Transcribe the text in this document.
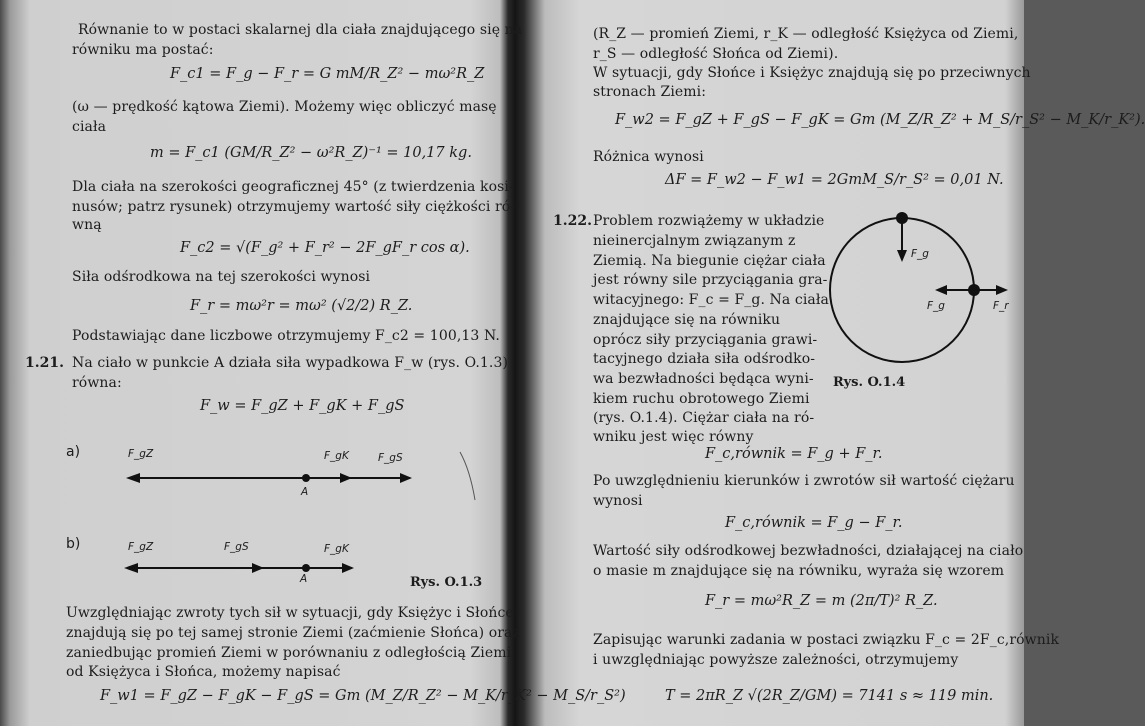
Równanie to w postaci skalarnej dla ciała znajdującego się na
równiku ma postać:
F_c1 = F_g − F_r = G mM/R_Z² − mω²R_Z
(ω — prędkość kątowa Ziemi). Możemy więc obliczyć masę
ciała
m = F_c1 (GM/R_Z² − ω²R_Z)⁻¹ = 10,17 kg.
Dla ciała na szerokości geograficznej 45° (z twierdzenia kosi-
nusów; patrz rysunek) otrzymujemy wartość siły ciężkości ró-
wną
F_c2 = √(F_g² + F_r² − 2F_gF_r cos α).
Siła odśrodkowa na tej szerokości wynosi
F_r = mω²r = mω² (√2/2) R_Z.
Podstawiając dane liczbowe otrzymujemy F_c2 = 100,13 N.
1.21. Na ciało w punkcie A działa siła wypadkowa F_w (rys. O.1.3)
równa:
F_w = F_gZ + F_gK + F_gS
a)	F_gZ	F_gK	F_gS
A
b)	F_gZ	F_gS	F_gK
A	Rys. O.1.3
Uwzględniając zwroty tych sił w sytuacji, gdy Księżyc i Słońce
znajdują się po tej samej stronie Ziemi (zaćmienie Słońca) oraz
zaniedbując promień Ziemi w porównaniu z odległością Ziemi
od Księżyca i Słońca, możemy napisać
F_w1 = F_gZ − F_gK − F_gS = Gm (M_Z/R_Z² − M_K/r_K² − M_S/r_S²)
(R_Z — promień Ziemi, r_K — odległość Księżyca od Ziemi,
r_S — odległość Słońca od Ziemi).
W sytuacji, gdy Słońce i Księżyc znajdują się po przeciwnych
stronach Ziemi:
F_w2 = F_gZ + F_gS − F_gK = Gm (M_Z/R_Z² + M_S/r_S² − M_K/r_K²).
Różnica wynosi
ΔF = F_w2 − F_w1 = 2GmM_S/r_S² = 0,01 N.
1.22. Problem rozwiążemy w układzie
nieinercjalnym związanym z
Ziemią. Na biegunie ciężar ciała
jest równy sile przyciągania gra-
witacyjnego: F_c = F_g. Na ciała
znajdujące się na równiku
oprócz siły przyciągania grawi-
tacyjnego działa siła odśrodko-
wa bezwładności będąca wyni-
kiem ruchu obrotowego Ziemi
(rys. O.1.4). Ciężar ciała na ró-
wniku jest więc równy
F_g
F_g	F_r
Rys. O.1.4
F_c,równik = F_g + F_r.
Po uwzględnieniu kierunków i zwrotów sił wartość ciężaru
wynosi
F_c,równik = F_g − F_r.
Wartość siły odśrodkowej bezwładności, działającej na ciało
o masie m znajdujące się na równiku, wyraża się wzorem
F_r = mω²R_Z = m (2π/T)² R_Z.
Zapisując warunki zadania w postaci związku F_c = 2F_c,równik
i uwzględniając powyższe zależności, otrzymujemy
T = 2πR_Z √(2R_Z/GM) = 7141 s ≈ 119 min.
